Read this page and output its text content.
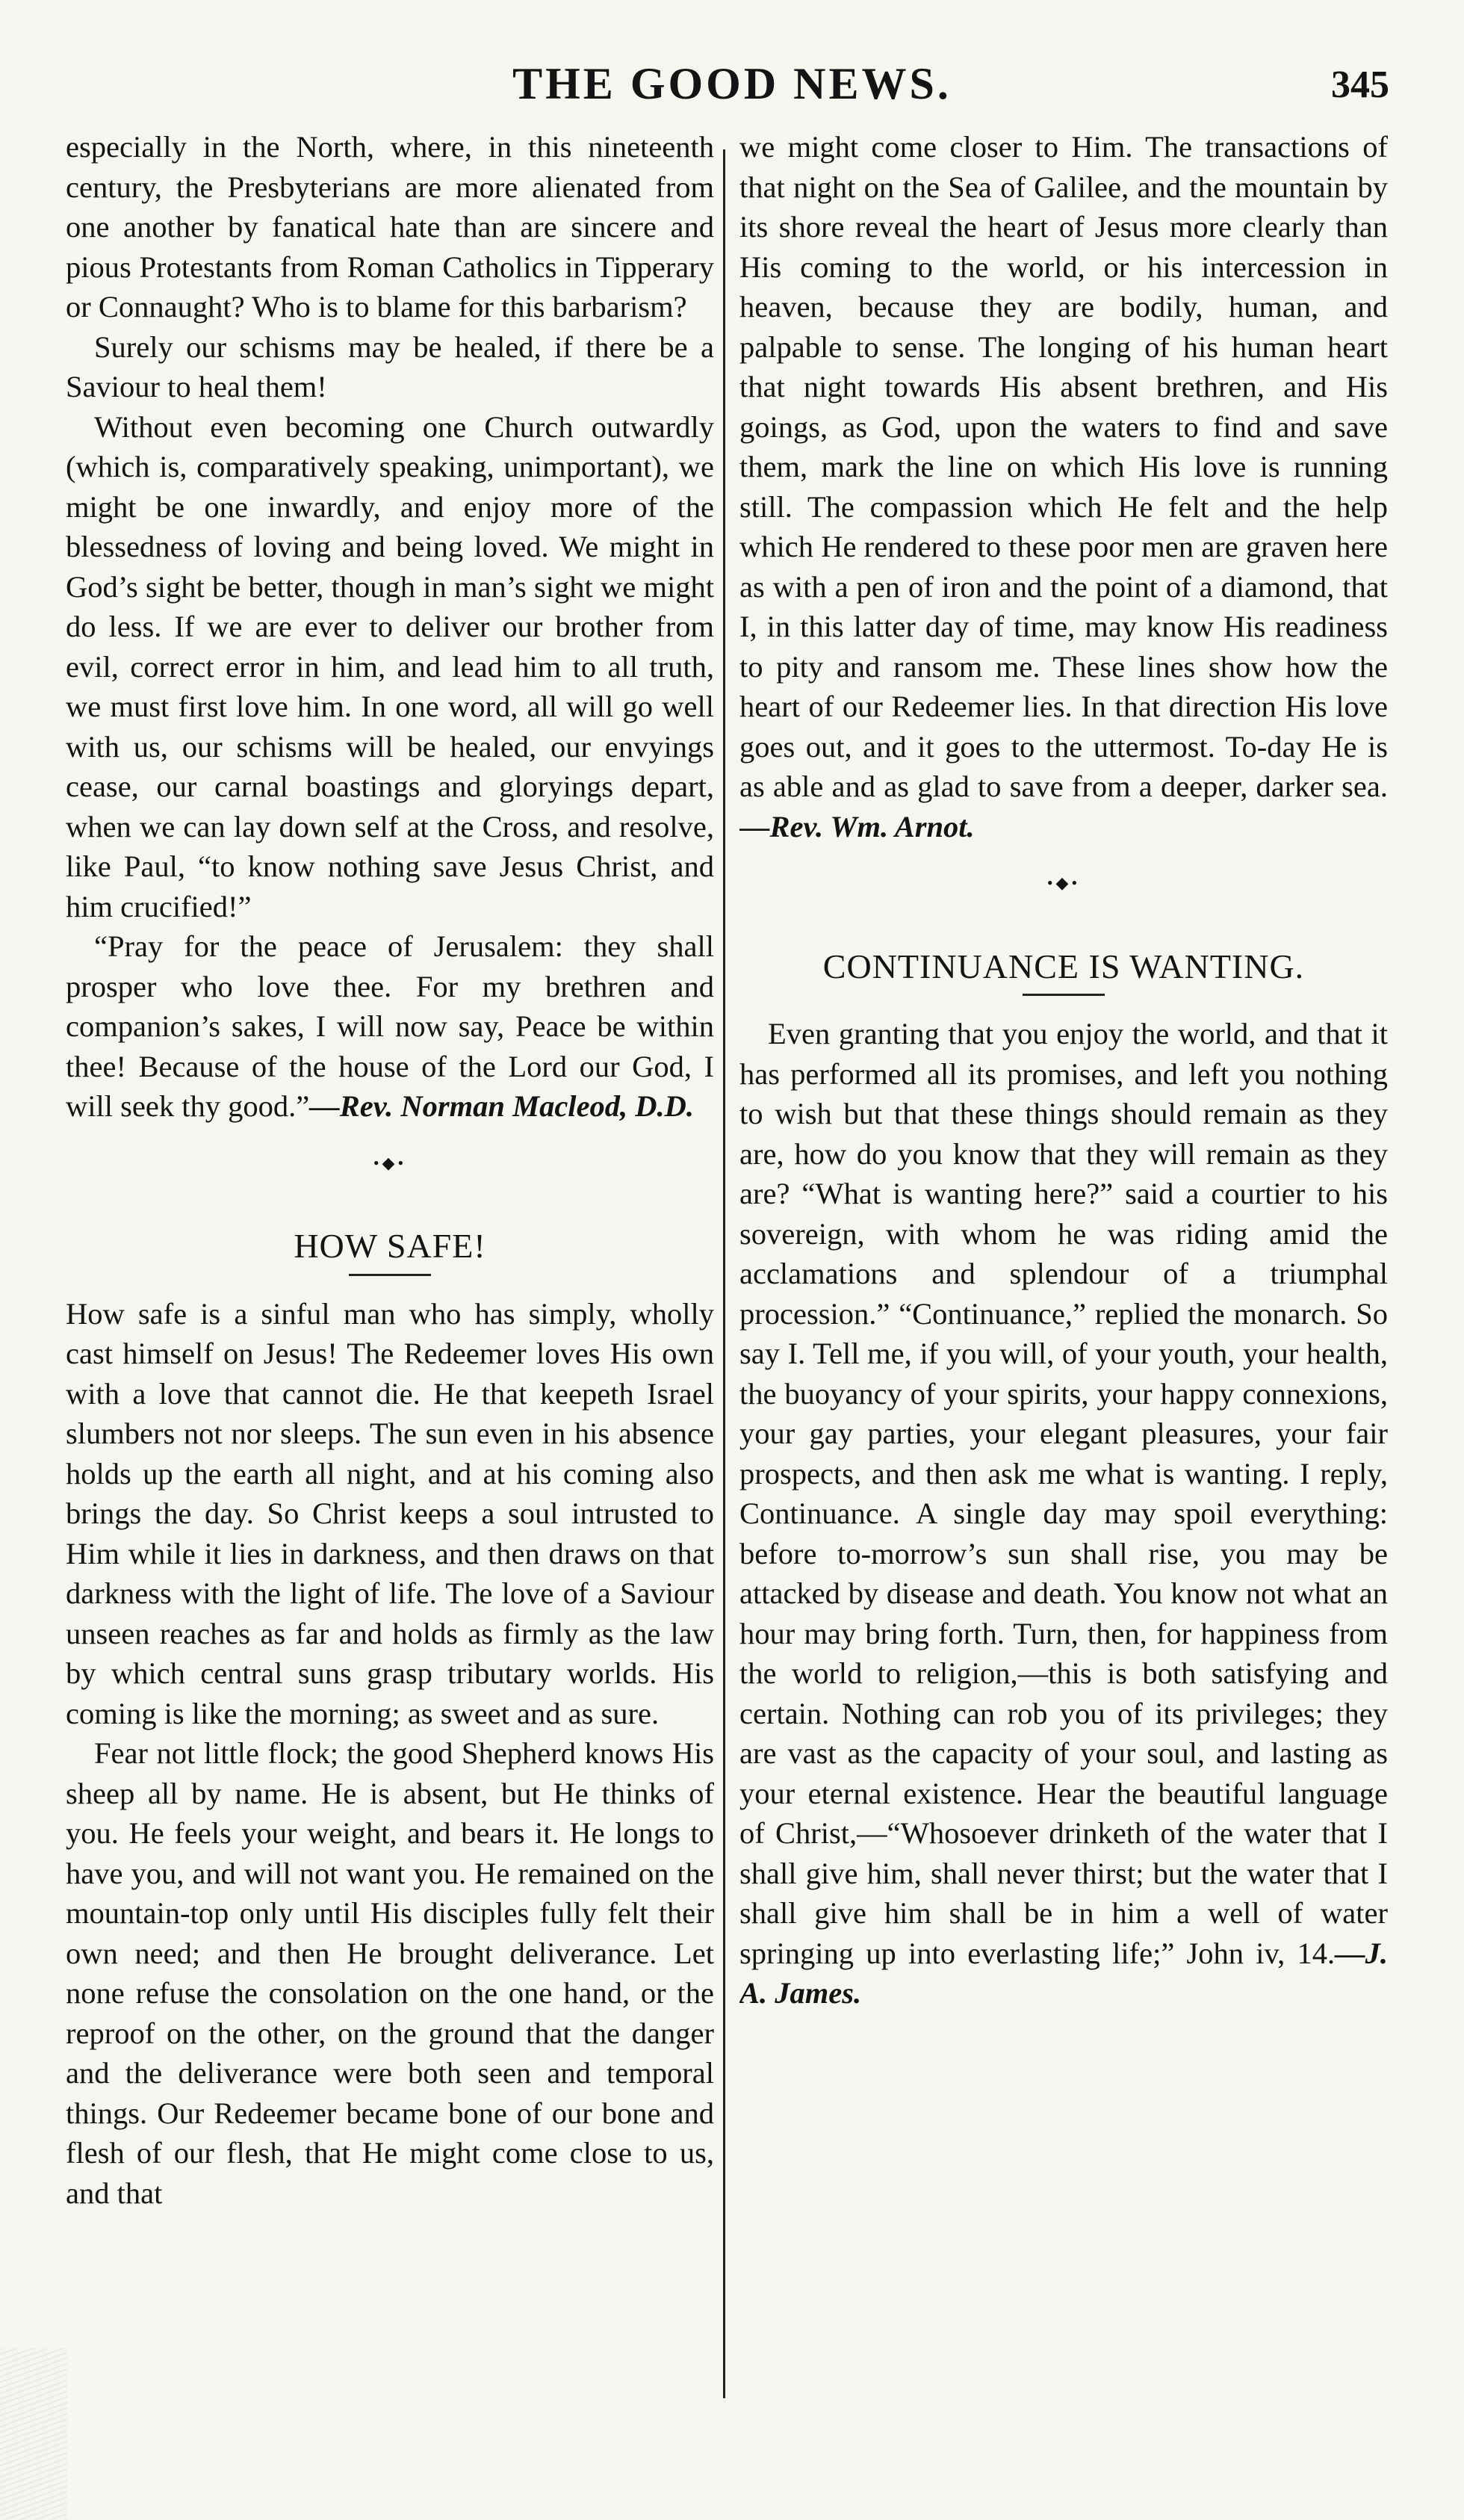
THE GOOD NEWS.	345

especially in the North, where, in this nineteenth century, the Presbyterians are more alienated from one another by fanatical hate than are sincere and pious Protestants from Roman Catholics in Tipperary or Connaught? Who is to blame for this barbarism?

Surely our schisms may be healed, if there be a Saviour to heal them!

Without even becoming one Church outwardly (which is, comparatively speaking, unimportant), we might be one inwardly, and enjoy more of the blessedness of loving and being loved. We might in God’s sight be better, though in man’s sight we might do less. If we are ever to deliver our brother from evil, correct error in him, and lead him to all truth, we must first love him. In one word, all will go well with us, our schisms will be healed, our envyings cease, our carnal boastings and gloryings depart, when we can lay down self at the Cross, and resolve, like Paul, “to know nothing save Jesus Christ, and him crucified!”

“Pray for the peace of Jerusalem: they shall prosper who love thee. For my brethren and companion’s sakes, I will now say, Peace be within thee! Because of the house of the Lord our God, I will seek thy good.”—Rev. Norman Macleod, D.D.

•◆•
HOW SAFE!

How safe is a sinful man who has simply, wholly cast himself on Jesus! The Redeemer loves His own with a love that cannot die. He that keepeth Israel slumbers not nor sleeps. The sun even in his absence holds up the earth all night, and at his coming also brings the day. So Christ keeps a soul intrusted to Him while it lies in darkness, and then draws on that darkness with the light of life. The love of a Saviour unseen reaches as far and holds as firmly as the law by which central suns grasp tributary worlds. His coming is like the morning; as sweet and as sure.

Fear not little flock; the good Shepherd knows His sheep all by name. He is absent, but He thinks of you. He feels your weight, and bears it. He longs to have you, and will not want you. He remained on the mountain-top only until His disciples fully felt their own need; and then He brought deliverance. Let none refuse the consolation on the one hand, or the reproof on the other, on the ground that the danger and the deliverance were both seen and temporal things. Our Redeemer became bone of our bone and flesh of our flesh, that He might come close to us, and that

we might come closer to Him. The transactions of that night on the Sea of Galilee, and the mountain by its shore reveal the heart of Jesus more clearly than His coming to the world, or his intercession in heaven, because they are bodily, human, and palpable to sense. The longing of his human heart that night towards His absent brethren, and His goings, as God, upon the waters to find and save them, mark the line on which His love is running still. The compassion which He felt and the help which He rendered to these poor men are graven here as with a pen of iron and the point of a diamond, that I, in this latter day of time, may know His readiness to pity and ransom me. These lines show how the heart of our Redeemer lies. In that direction His love goes out, and it goes to the uttermost. To-day He is as able and as glad to save from a deeper, darker sea.—Rev. Wm. Arnot.

•◆•
CONTINUANCE IS WANTING.

Even granting that you enjoy the world, and that it has performed all its promises, and left you nothing to wish but that these things should remain as they are, how do you know that they will remain as they are? “What is wanting here?” said a courtier to his sovereign, with whom he was riding amid the acclamations and splendour of a triumphal procession.” “Continuance,” replied the monarch. So say I. Tell me, if you will, of your youth, your health, the buoyancy of your spirits, your happy connexions, your gay parties, your elegant pleasures, your fair prospects, and then ask me what is wanting. I reply, Continuance. A single day may spoil everything: before to-morrow’s sun shall rise, you may be attacked by disease and death. You know not what an hour may bring forth. Turn, then, for happiness from the world to religion,—this is both satisfying and certain. Nothing can rob you of its privileges; they are vast as the capacity of your soul, and lasting as your eternal existence. Hear the beautiful language of Christ,—“Whosoever drinketh of the water that I shall give him, shall never thirst; but the water that I shall give him shall be in him a well of water springing up into everlasting life;” John iv, 14.—J. A. James.
